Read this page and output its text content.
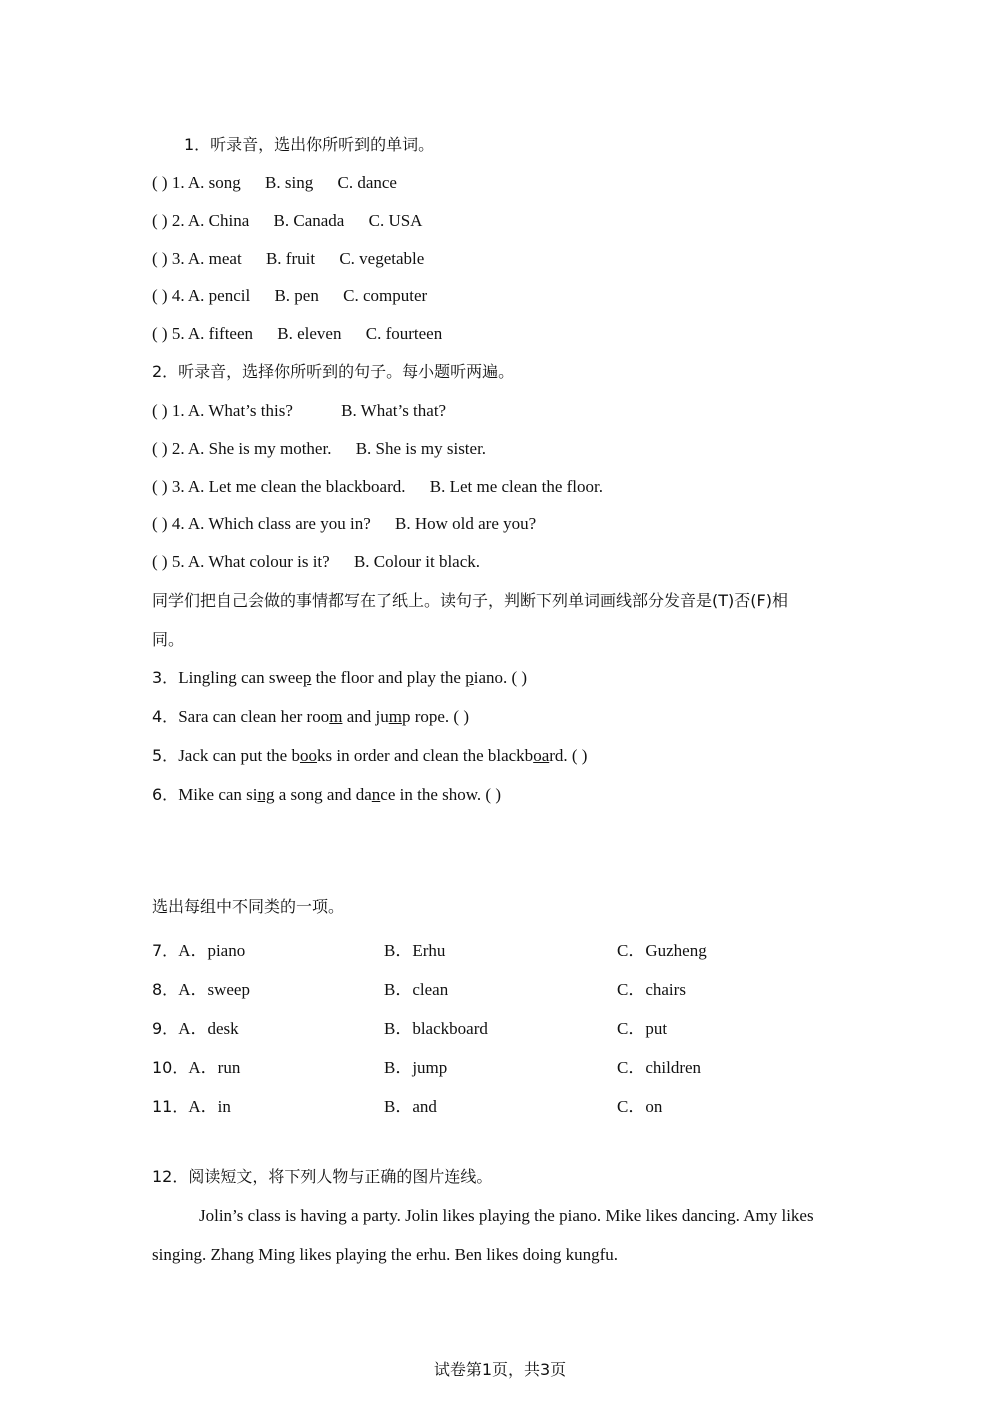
1．听录音，选出你所听到的单词。
( ) 1. A. song B. sing C. dance
( ) 2. A. China B. Canada C. USA
( ) 3. A. meat B. fruit C. vegetable
( ) 4. A. pencil B. pen C. computer
( ) 5. A. fifteen B. eleven C. fourteen
2．听录音，选择你所听到的句子。每小题听两遍。
( ) 1. A. What’s this?	B. What’s that?
( ) 2. A. She is my mother. B. She is my sister.
( ) 3. A. Let me clean the blackboard. B. Let me clean the floor.
( ) 4. A. Which class are you in? B. How old are you?
( ) 5. A. What colour is it? B. Colour it black.
同学们把自己会做的事情都写在了纸上。读句子，判断下列单词画线部分发音是(T)否(F)相
同。
3．Lingling can sweep the floor and play the piano. ( )
4．Sara can clean her room and jump rope. ( )
5．Jack can put the books in order and clean the blackboard. ( )
6．Mike can sing a song and dance in the show. ( )
选出每组中不同类的一项。
7．A．piano	B．Erhu	C．Guzheng
8．A．sweep	B．clean	C．chairs
9．A．desk	B．blackboard	C．put
10．A．run	B．jump	C．children
11．A．in	B．and	C．on
12．阅读短文，将下列人物与正确的图片连线。
Jolin’s class is having a party. Jolin likes playing the piano. Mike likes dancing. Amy likes
singing. Zhang Ming likes playing the erhu. Ben likes doing kungfu.
试卷第1页，共3页
